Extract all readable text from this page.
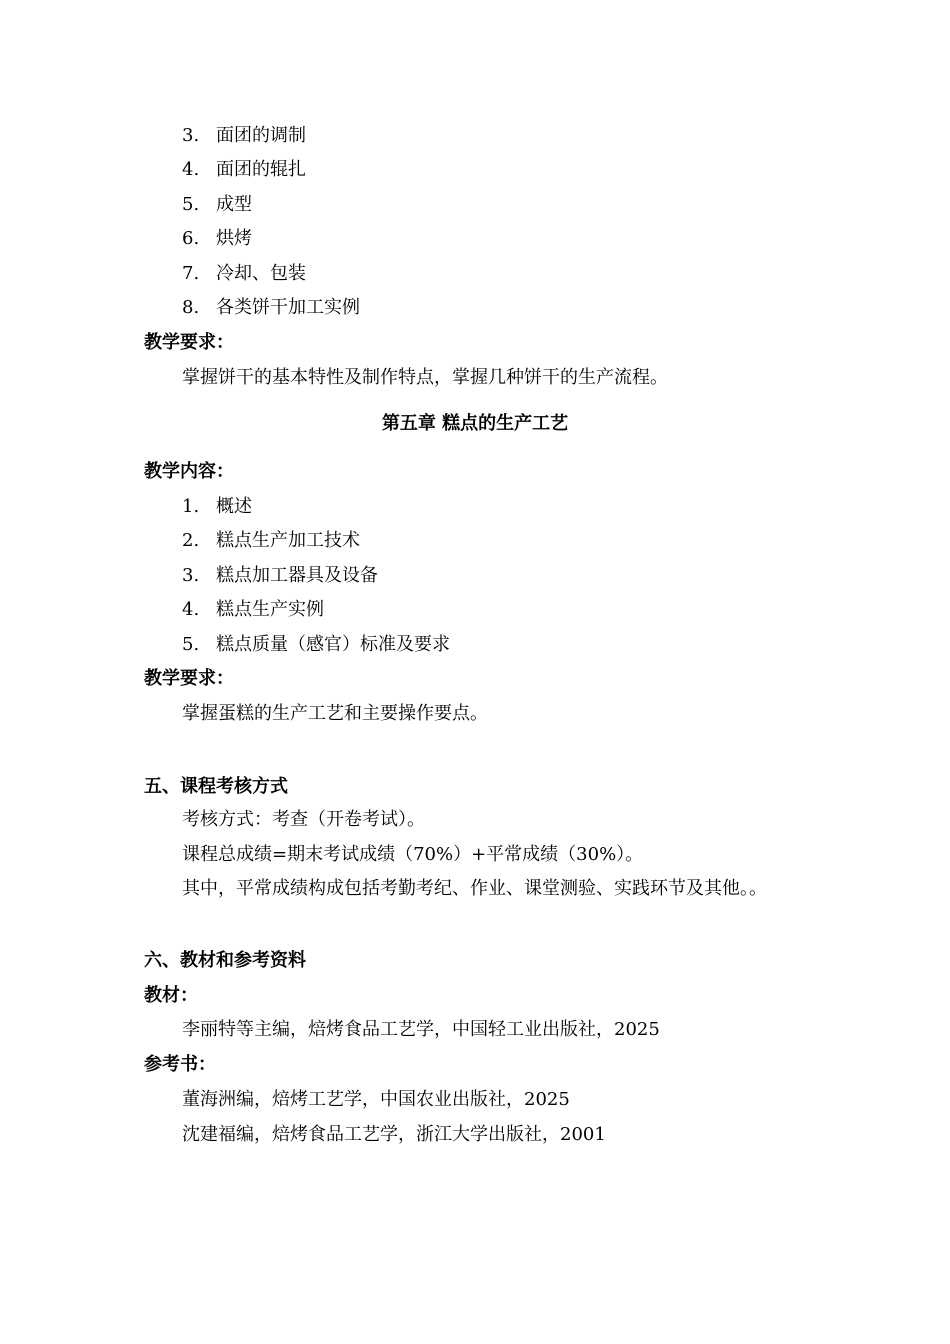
3. 面团的调制
4. 面团的辊扎
5. 成型
6. 烘烤
7. 冷却、包装
8. 各类饼干加工实例
教学要求：
掌握饼干的基本特性及制作特点，掌握几种饼干的生产流程。
第五章 糕点的生产工艺
教学内容：
1. 概述
2. 糕点生产加工技术
3. 糕点加工器具及设备
4. 糕点生产实例
5. 糕点质量（感官）标准及要求
教学要求：
掌握蛋糕的生产工艺和主要操作要点。
五、课程考核方式
考核方式：考查（开卷考试）。
课程总成绩=期末考试成绩（70%）+平常成绩（30%）。
其中，平常成绩构成包括考勤考纪、作业、课堂测验、实践环节及其他。。
六、教材和参考资料
教材：
李丽特等主编，焙烤食品工艺学，中国轻工业出版社，2025
参考书：
董海洲编，焙烤工艺学，中国农业出版社，2025
沈建福编，焙烤食品工艺学，浙江大学出版社，2001
